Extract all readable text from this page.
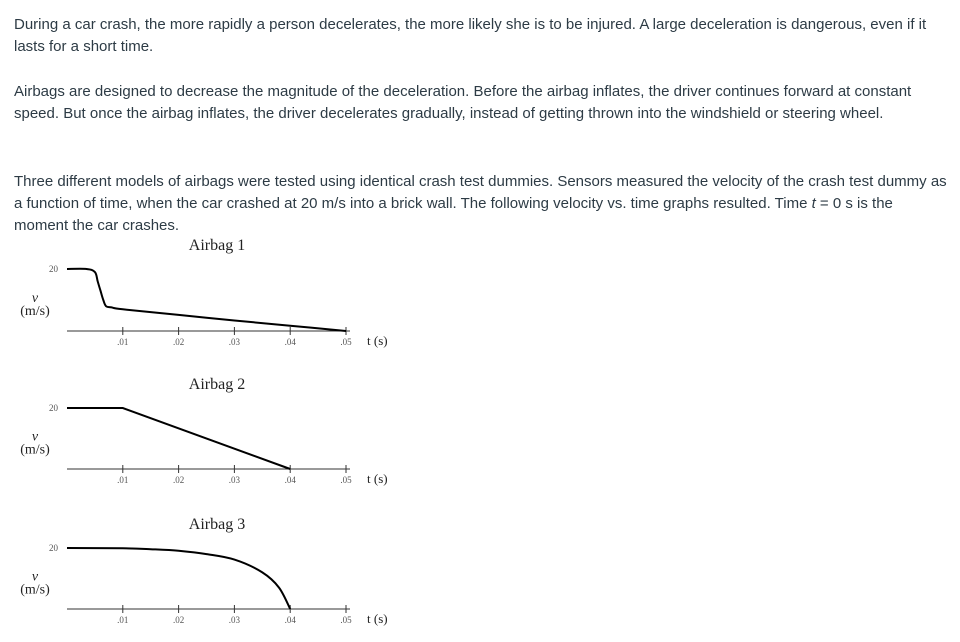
During a car crash, the more rapidly a person decelerates, the more likely she is to be injured. A large deceleration is dangerous, even if it lasts for a short time.

Airbags are designed to decrease the magnitude of the deceleration. Before the airbag inflates, the driver continues forward at constant speed. But once the airbag inflates, the driver decelerates gradually, instead of getting thrown into the windshield or steering wheel.

Three different models of airbags were tested using identical crash test dummies. Sensors measured the velocity of the crash test dummy as a function of time, when the car crashed at 20 m/s into a brick wall. The following velocity vs. time graphs resulted. Time t = 0 s is the moment the car crashes.

Airbag 1
.01	.02	.03	.04	.05 t (s)
20
v
(m/s)
Airbag 2
.01	.02	.03	.04	.05 t (s)
20
v
(m/s)
Airbag 3
.01	.02	.03	.04	.05 t (s)
20
v
(m/s)
